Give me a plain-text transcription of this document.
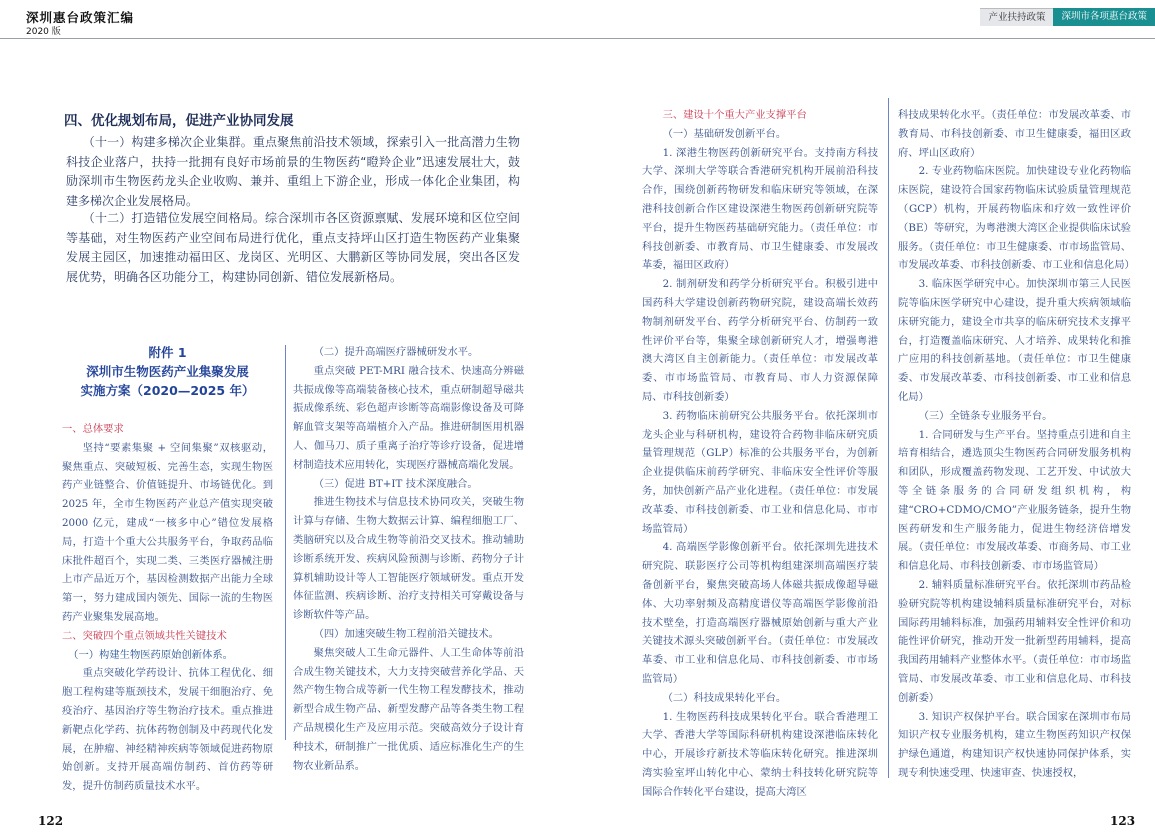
深圳惠台政策汇编
2020 版
产业扶持政策	深圳市各项惠台政策
四、优化规划布局，促进产业协同发展

（十一）构建多梯次企业集群。重点聚焦前沿技术领域，探索引入一批高潜力生物科技企业落户，扶持一批拥有良好市场前景的生物医药“瞪羚企业”迅速发展壮大，鼓励深圳市生物医药龙头企业收购、兼并、重组上下游企业，形成一体化企业集团，构建多梯次企业发展格局。

（十二）打造错位发展空间格局。综合深圳市各区资源禀赋、发展环境和区位空间等基础，对生物医药产业空间布局进行优化，重点支持坪山区打造生物医药产业集聚发展主园区，加速推动福田区、龙岗区、光明区、大鹏新区等协同发展，突出各区发展优势，明确各区功能分工，构建协同创新、错位发展新格局。

附件 1
深圳市生物医药产业集聚发展
实施方案（2020—2025 年）

一、总体要求

坚持“要素集聚 + 空间集聚”双核驱动，聚焦重点、突破短板、完善生态，实现生物医药产业链整合、价值链提升、市场链优化。到 2025 年，全市生物医药产业总产值实现突破 2000 亿元，建成“一核多中心”错位发展格局，打造十个重大公共服务平台，争取药品临床批件超百个，实现二类、三类医疗器械注册上市产品近万个，基因检测数据产出能力全球第一，努力建成国内领先、国际一流的生物医药产业聚集发展高地。

二、突破四个重点领域共性关键技术

（一）构建生物医药原始创新体系。

重点突破化学药设计、抗体工程优化、细胞工程构建等瓶颈技术，发展干细胞治疗、免疫治疗、基因治疗等生物治疗技术。重点推进新靶点化学药、抗体药物创制及中药现代化发展，在肿瘤、神经精神疾病等领域促进药物原始创新。支持开展高端仿制药、首仿药等研发，提升仿制药质量技术水平。

（二）提升高端医疗器械研发水平。

重点突破 PET-MRI 融合技术、快速高分辨磁共振成像等高端装备核心技术，重点研制超导磁共振成像系统、彩色超声诊断等高端影像设备及可降解血管支架等高端植介入产品。推进研制医用机器人、伽马刀、质子重离子治疗等诊疗设备，促进增材制造技术应用转化，实现医疗器械高端化发展。

（三）促进 BT+IT 技术深度融合。

推进生物技术与信息技术协同攻关，突破生物计算与存储、生物大数据云计算、编程细胞工厂、类脑研究以及合成生物等前沿交叉技术。推动辅助诊断系统开发、疾病风险预测与诊断、药物分子计算机辅助设计等人工智能医疗领域研发。重点开发体征监测、疾病诊断、治疗支持相关可穿戴设备与诊断软件等产品。

（四）加速突破生物工程前沿关键技术。

聚焦突破人工生命元器件、人工生命体等前沿合成生物关键技术，大力支持突破营养化学品、天然产物生物合成等新一代生物工程发酵技术，推动新型合成生物产品、新型发酵产品等各类生物工程产品规模化生产及应用示范。突破高效分子设计育种技术，研制推广一批优质、适应标准化生产的生物农业新品系。

122

三、建设十个重大产业支撑平台

（一）基础研发创新平台。

1. 深港生物医药创新研究平台。支持南方科技大学、深圳大学等联合香港研究机构开展前沿科技合作，围绕创新药物研发和临床研究等领域，在深港科技创新合作区建设深港生物医药创新研究院等平台，提升生物医药基础研究能力。（责任单位：市科技创新委、市教育局、市卫生健康委、市发展改革委，福田区政府）

2. 制剂研发和药学分析研究平台。积极引进中国药科大学建设创新药物研究院，建设高端长效药物制剂研发平台、药学分析研究平台、仿制药一致性评价平台等，集聚全球创新研究人才，增强粤港澳大湾区自主创新能力。（责任单位：市发展改革委、市市场监管局、市教育局、市人力资源保障局、市科技创新委）

3. 药物临床前研究公共服务平台。依托深圳市龙头企业与科研机构，建设符合药物非临床研究质量管理规范（GLP）标准的公共服务平台，为创新企业提供临床前药学研究、非临床安全性评价等服务，加快创新产品产业化进程。（责任单位：市发展改革委、市科技创新委、市工业和信息化局、市市场监管局）

4. 高端医学影像创新平台。依托深圳先进技术研究院、联影医疗公司等机构组建深圳高端医疗装备创新平台，聚焦突破高场人体磁共振成像超导磁体、大功率射频及高精度谱仪等高端医学影像前沿技术壁垒，打造高端医疗器械原始创新与重大产业关键技术源头突破创新平台。（责任单位：市发展改革委、市工业和信息化局、市科技创新委、市市场监管局）

（二）科技成果转化平台。

1. 生物医药科技成果转化平台。联合香港理工大学、香港大学等国际科研机构建设深港临床转化中心，开展诊疗新技术等临床转化研究。推进深圳湾实验室坪山转化中心、蒙纳士科技转化研究院等国际合作转化平台建设，提高大湾区

科技成果转化水平。（责任单位：市发展改革委、市教育局、市科技创新委、市卫生健康委，福田区政府、坪山区政府）

2. 专业药物临床医院。加快建设专业化药物临床医院，建设符合国家药物临床试验质量管理规范（GCP）机构，开展药物临床和疗效一致性评价（BE）等研究，为粤港澳大湾区企业提供临床试验服务。（责任单位：市卫生健康委、市市场监管局、市发展改革委、市科技创新委、市工业和信息化局）

3. 临床医学研究中心。加快深圳市第三人民医院等临床医学研究中心建设，提升重大疾病领域临床研究能力，建设全市共享的临床研究技术支撑平台，打造覆盖临床研究、人才培养、成果转化和推广应用的科技创新基地。（责任单位：市卫生健康委、市发展改革委、市科技创新委、市工业和信息化局）

（三）全链条专业服务平台。

1. 合同研发与生产平台。坚持重点引进和自主培育相结合，遴选顶尖生物医药合同研发服务机构和团队，形成覆盖药物发现、工艺开发、中试放大等全链条服务的合同研发组织机构，构建“CRO+CDMO/CMO”产业服务链条，提升生物医药研发和生产服务能力，促进生物经济倍增发展。（责任单位：市发展改革委、市商务局、市工业和信息化局、市科技创新委、市市场监管局）

2. 辅料质量标准研究平台。依托深圳市药品检验研究院等机构建设辅料质量标准研究平台，对标国际药用辅料标准，加强药用辅料安全性评价和功能性评价研究，推动开发一批新型药用辅料，提高我国药用辅料产业整体水平。（责任单位：市市场监管局、市发展改革委、市工业和信息化局、市科技创新委）

3. 知识产权保护平台。联合国家在深圳市布局知识产权专业服务机构，建立生物医药知识产权保护绿色通道，构建知识产权快速协同保护体系，实现专利快速受理、快速审查、快速授权，

123
